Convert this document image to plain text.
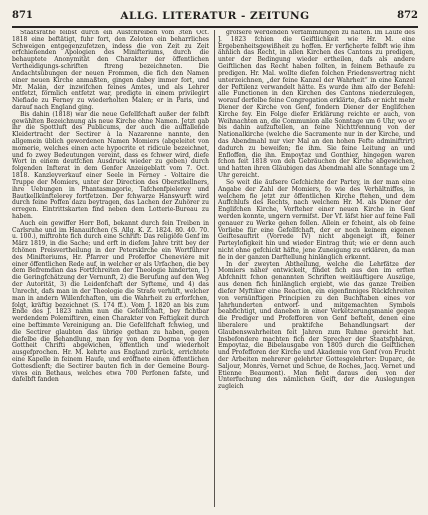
871	ALLG. LITERATUR - ZEITUNG	872

Staatsrathe felbst durch ein Ausfchreiben vom 3ten Oct. 1818 eine beftätigt, fuhr fort, den Zeloten ein beharrliches Schweigen entgegenzufetzen, indess die von Zeit zu Zeit erfchienenden Apologien des Minifteriums, durch die behauptete Anonymität den Charakter der öffentlichen Vertheidigungs-schriften ftreng bezeichneten. Die Andachtsübungen der neuen Frommen, die fich den Namen einer neuen Kirche anmaßten, gingen dabey immer fort, und Mr. Malán, der inzwifchen feines Amtes, und als Lehrer entfetzt, förmlich entfetzt war, predigte in einem privilegirt Niefiade zu Ferney zu wiederholten Malen; er in Paris, und darauf nach England ging.

Bis dahin (1818) war die neue Gefellfchaft außer der felbft gewählten Bezeichnung als neue Kirche ohne Namen. Jetzt gab ihr die Spottluft des Publicums, der auch die auffallende Kleidertracht der Sectirer à la Nazarenne nannte, den allgemein üblich gewordenen Namen Momiers (abgeleitet von momerie, welches einen acte hypocrite et ridicule bezeichnet, und fo zwey Bedeutungen vereint, dass es fchwer wird, diefe Wort in einem deutfchen Ausdruck wieder zu geben) durch folgenden Infterat in dem Genfer Anzeigeblatt vom 7. Oct. 1818. Kanzleyverkauf einer Seele in Ferney - Voltaire die Truppe der Momiers, unter der Direction des Oberstkellners, ihre Uebungen in Phantasmagorie, Tafchenfpielerey und Bautkellkünftelerey fortfetzen. Der fchwarze Hanswurft wird durch feine Poffen dazu beytragen, das Lachen der Zuhörer zu erregen. Eintrittskarten find neben dem Lotterie-Bureau zu haben.

Auch ein gewiffer Herr Bofi, bekannt durch fein Treiben in Carlsruhe und im Hanauifchen (S. Allg. K. Z. 1824. 80. 40. 70. u. 100.), miftrohte fich durch eine Schrift: Das religiöfe Genf im März 1819, in die Sache; und erft in diefem Jahre tritt bey der fchönen Preisvertheilung in der Petersklrche ein Wortführer des Minifteriums, Hr. Pfarrer und Profeffor Chenevière mit einer öffentlichen Rede auf, in welcher er als Urfachen, die bey dem Befremdian das Fortfchreiten der Theologie hinderten, 1) die Geringfchätzung der Vernunft, 2) die Berufung auf den Weg der Autorität, 3) die Leidenfchaft der Syfteme, und 4) das Unrecht, dafs man in der Theologie die Strafe verhüft, welcher man in andern Willenfchaften, um die Wahrheit zu erforfchen, folgt, kräftig bezeichnet (S. 174 ff.). Vom J. 1820 an bis zum Ende des J. 1823 nahm nun die Gefellfchaft, bey fichtbar werdendem Polemiftiren, einen Charakter von Feftigkeit durch eine beftimmte Vereinigung an. Die Gefellfchaft fchwieg, und die Sectirer glaubten das übrige gethan zu haben, gegen diefelbe die Behandlung, man fey von dem Dogma von der Gottheit Chrifti abgewichen, öffentlich und wiederholt ausgefprochen. Hr. M. kehrte aus England zurück, errichtete eine Kapelle in feinem Haufe, und eröffnete einen öffentlichen Gottesdienft; die Sectirer bauten fich in der Gemeine Bourg-vives ein Bethaus, welches etwa 700 Perfonen fafste, und dafelbft fanden

gröfsere werdenden Verfammlungen zu halten. Im Laufe des J. 1823 fchien die Geiftlichkeit wie Hr. M. eine Ergebenheitsgewißheit zu hoffen. Er verficherte felbft wie ihm ähnlich das Recht, in allen Kirchen des Cantons zu predigen, unter der Bedingung wieder ertheilen, dafs als andere Geiftlichen das Recht haben follten, in feinem Bethaufe zu predigen. Hr. Mal. wollte diefen folchen Friedensvertrag nicht unterzeichnen, „der feine Kanzel der Wahrheit“ in eine Kanzel der Peftilenz verwandelt hätte. Es wurde ihm alfo der Befehl: alle Functionen in den Kirchen des Cantons niederzulegen, worauf derfelbe feine Congregation erklärte, dafs er nicht mehr Diener der Kirche von Genf, fondern Diener der Englifchen Kirche fey. Ein Folge diefer Erklärung reichte er auch, von Weihnachten an, die Communion alle Sonntage um 6 Uhr, wo er bis dahin aufzuftellen, an feine Nichttrennung von der Nationalkirche (welche die Sacramente nur in der Kirche, und das Abendmahl nur vier Mal an den hohen Fefte adminiftrirt) dadurch zu beweifen; fie ihm. Sie feine Leitung an und Enfloffen, die ihn. Empoytaz und Gonthier, hingegen waren fchon feit 1818 von den Gebräuchen der Kirche abgewichen, und hatten ihren Gläubigen das Abendmahl alle Sonntage um 2 Uhr gereicht.

So weit die äufsere Gefchichte der Partey, in der man eine Angabe der Zahl der Momiers, fo wie des Verhältniffes, in welchem fie jetzt zur öffentlichen Kirche ftehen, und dem Auffchlufs des Rechts, nach welchem Hr. M. als Diener der Englifchen Kirche, Vorfteher einer neuen Kirche in Genf werden konnte, ungern vermifst. Der Vf. läfst hier auf feine Fall genauer zu Werke gehen follen. Allein er fcheint, als ob feine Vorliebe für eine Gefellfchaft, der er noch keinem eigenen Geiftesauftrit (Vorrede IV) nicht abgeneigt ift, feiner Parteylofigkeit hin und wieder Eintrag thut; wie er denn auch nicht ohne gefchickt häfte, jene Zuneigung zu erklären, da man fie in der ganzen Darftellung hinlänglich erkennt.

In der zweyten Abtheilung, welche die Lehrfätze der Momiers näher entwickelt, findet fich aus den im erften Abfchnitt fchon genannten Schriften weitläuftigere Auszüge, aus denen fich hinlänglich ergiebt, wie das ganze Treiben diefer Myftiker eine Reaction, ein eigenfinniges Rückfchreiten von vernünftigen Principien zu den Buchftaben eines vor Jahrhunderten entworf- und mitgemachten Symbols beabfichtigt, und daneben in einer Verketzerungsmanie gegen die Prediger und Profefforen von Genf befteht, denen eine liberalere und praktifche Behandlungsart der Glaubenswahrheiten feit Jahren zum Ruhme gereicht hat. Insbefondere machten fich der Sprecher der Staatsfphären, Empoytaz, die Bibelausgabe von 1805 durch die Geiftlichen und Profefforen der Kirche und Akademie von Genf (von Frucht der Arbeiten mehrerer gelehrter Gottesgelehrter: Duparc, de Saljour, Monrès, Vernet und Schue, de Roches, Jacq. Vernet und Etienne Beaumont). Man fieht daraus den von der Unterfuchung des nämlichen Geift, der die Auslegungen zugleich
